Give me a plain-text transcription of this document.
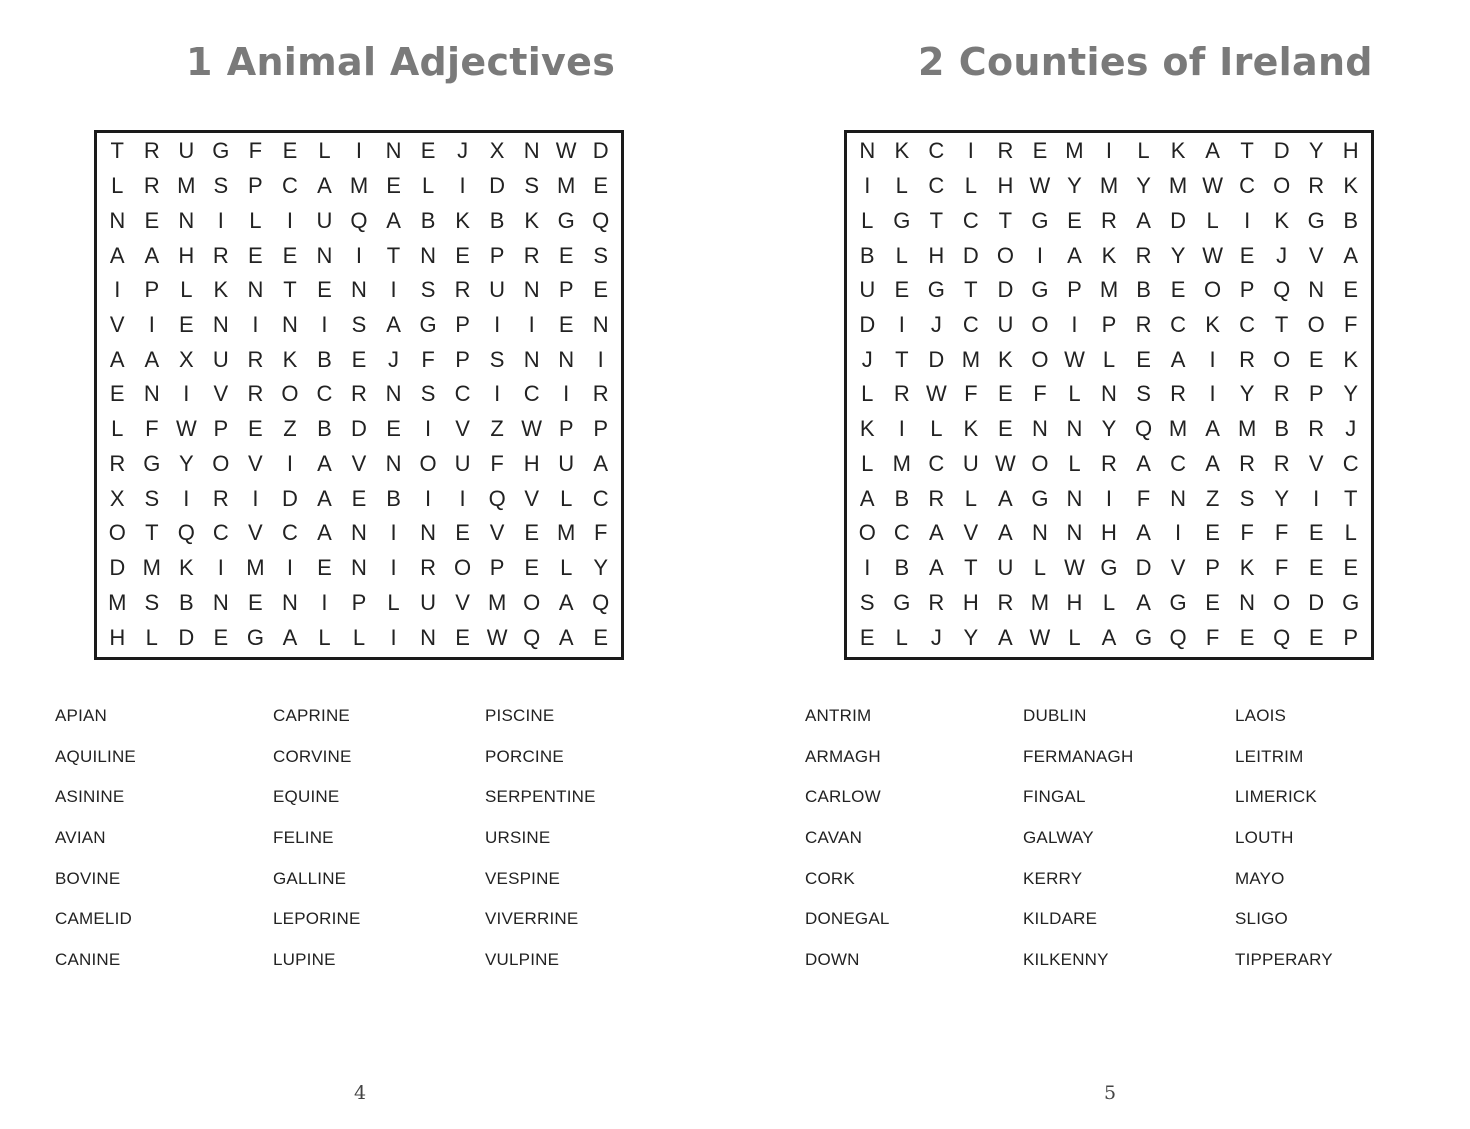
1 Animal Adjectives
T R U G F E L	I	N E J X N W D
L R M S P C A M E L	I	D S M E
N E N	I	L	I	U Q A B K B K G Q
A A H R E E N	I	T N E P R E S
I	P L K N T E N	I	S R U N P E
V	I	E N	I	N	I	S A G P	I	I	E N
A A X U R K B E J	F P S N N	I
E N	I	V R O C R N S C	I	C	I	R
L F W P E Z B D E	I	V Z W P P
R G Y O V	I	A V N O U F H U A
X S	I	R	I	D A E B	I	I	Q V L C
O T Q C V C A N	I	N E V E M F
D M K	I	M	I	E N	I	R O P E L Y
M S B N E N	I	P L U V M O A Q
H L D E G A L	L	I	N E W Q A E
APIAN
AQUILINE
ASININE
AVIAN
BOVINE
CAMELID
CANINE
CAPRINE
CORVINE
EQUINE
FELINE
GALLINE
LEPORINE
LUPINE
PISCINE
PORCINE
SERPENTINE
URSINE
VESPINE
VIVERRINE
VULPINE
4
2 Counties of Ireland
N K C	I	R E M	I	L K A T D Y H
I	L C L H W Y M Y M W C O R K
L G T C T G E R A D L	I	K G B
B L H D O	I	A K R Y W E J V A
U E G T D G P M B E O P Q N E
D	I	J C U O	I	P R C K C T O F
J	T D M K O W L E A	I	R O E K
L R W F E F L N S R	I	Y R P Y
K	I	L K E N N Y Q M A M B R J
L M C U W O L R A C A R R V C
A B R L A G N	I	F N Z S Y	I	T
O C A V A N N H A	I	E F F E L
I	B A T U L W G D V P K F E E
S G R H R M H L A G E N O D G
E L	J Y A W L A G Q F E Q E P
ANTRIM
ARMAGH
CARLOW
CAVAN
CORK
DONEGAL
DOWN
DUBLIN
FERMANAGH
FINGAL
GALWAY
KERRY
KILDARE
KILKENNY
LAOIS
LEITRIM
LIMERICK
LOUTH
MAYO
SLIGO
TIPPERARY
5
